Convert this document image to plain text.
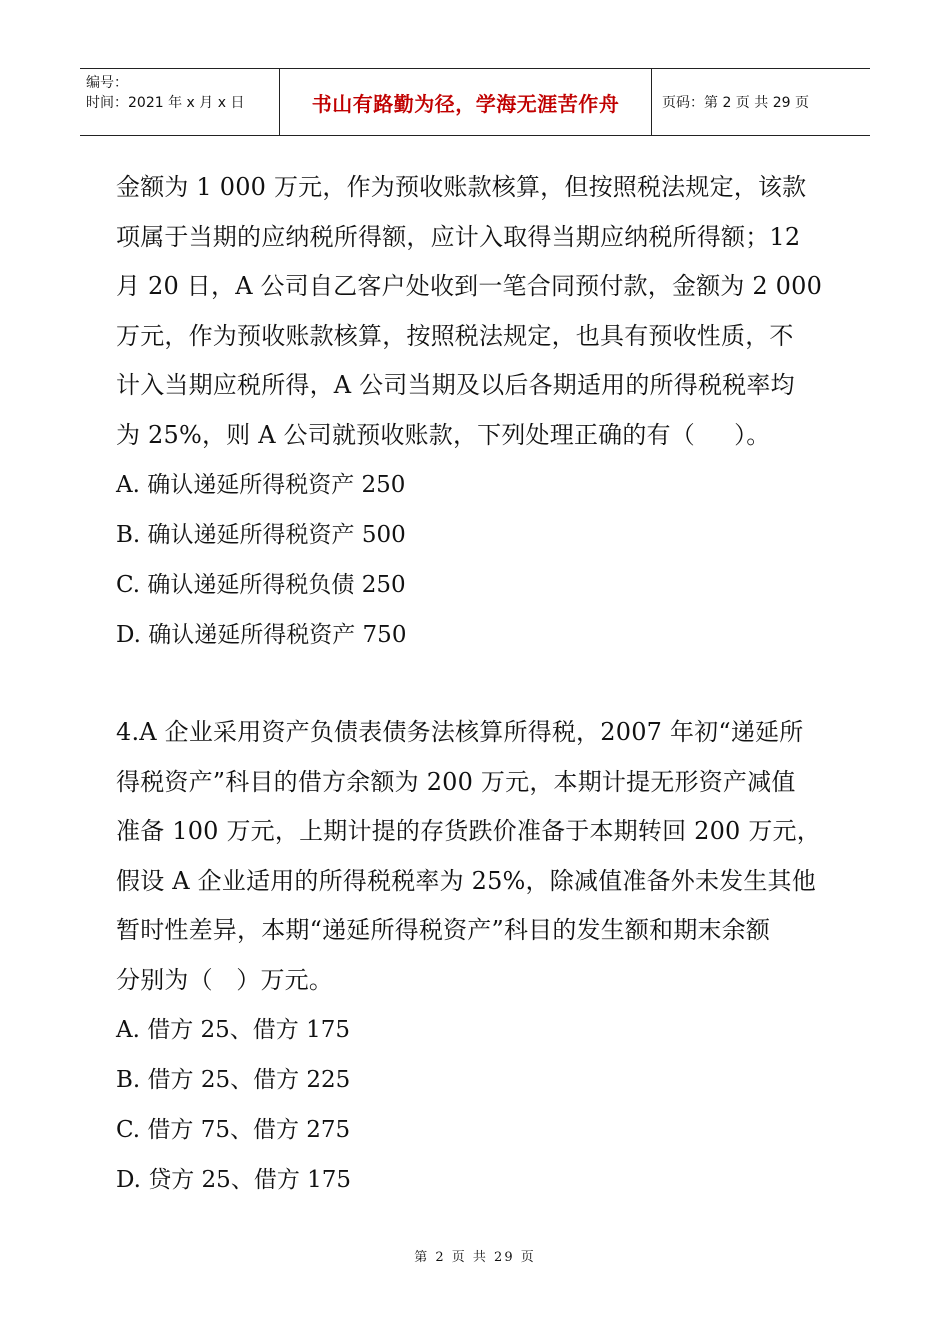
编号：
时间：2021 年 x 月 x 日	书山有路勤为径，学海无涯苦作舟	页码：第 2 页 共 29 页

金额为 1 000 万元，作为预收账款核算，但按照税法规定，该款

项属于当期的应纳税所得额，应计入取得当期应纳税所得额；12

月 20 日，A 公司自乙客户处收到一笔合同预付款，金额为 2 000

万元，作为预收账款核算，按照税法规定，也具有预收性质，不

计入当期应税所得，A 公司当期及以后各期适用的所得税税率均

为 25%，则 A 公司就预收账款，下列处理正确的有（     ）。

A. 确认递延所得税资产 250

B. 确认递延所得税资产 500

C. 确认递延所得税负债 250

D. 确认递延所得税资产 750

4.A 企业采用资产负债表债务法核算所得税，2007 年初“递延所

得税资产”科目的借方余额为 200 万元，本期计提无形资产减值

准备 100 万元，上期计提的存货跌价准备于本期转回 200 万元，

假设 A 企业适用的所得税税率为 25%，除减值准备外未发生其他

暂时性差异，本期“递延所得税资产”科目的发生额和期末余额

分别为（   ）万元。

A. 借方 25、借方 175

B. 借方 25、借方 225

C. 借方 75、借方 275

D. 贷方 25、借方 175

第 2 页 共 29 页
